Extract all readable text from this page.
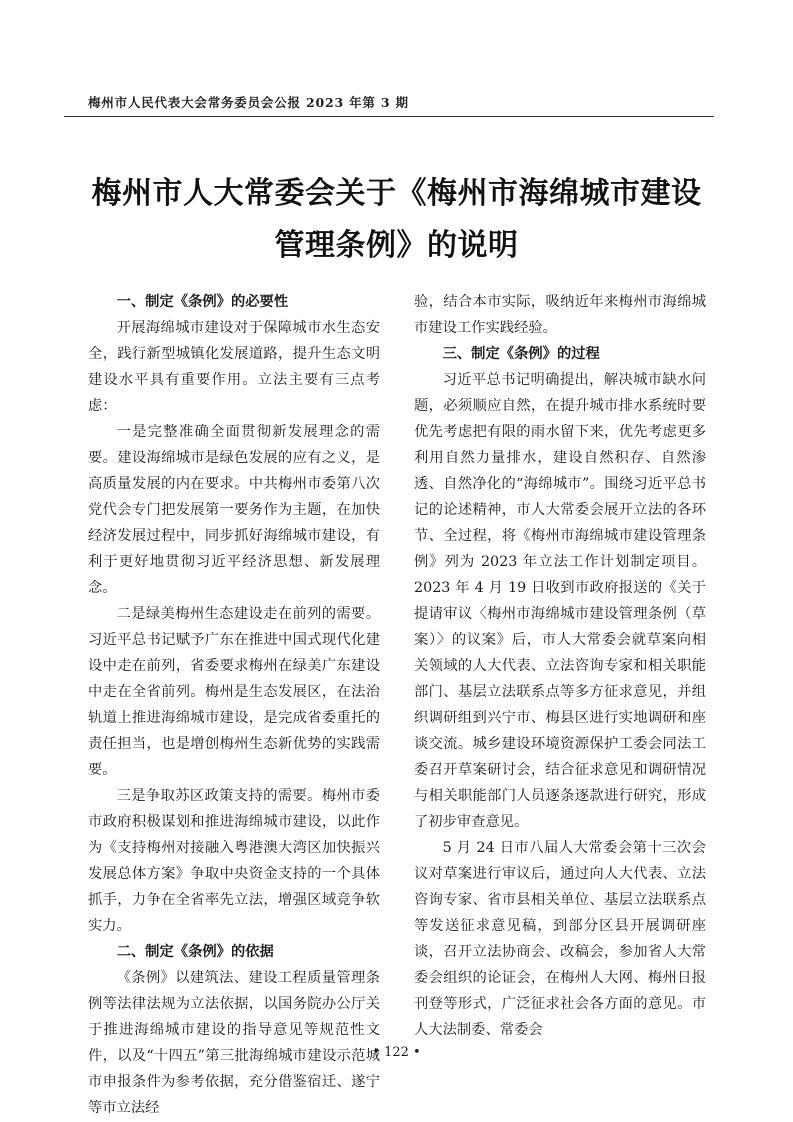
梅州市人民代表大会常务委员会公报 2023 年第 3 期
梅州市人大常委会关于《梅州市海绵城市建设
管理条例》的说明
一、制定《条例》的必要性

开展海绵城市建设对于保障城市水生态安全，践行新型城镇化发展道路，提升生态文明建设水平具有重要作用。立法主要有三点考虑：

一是完整准确全面贯彻新发展理念的需要。建设海绵城市是绿色发展的应有之义，是高质量发展的内在要求。中共梅州市委第八次党代会专门把发展第一要务作为主题，在加快经济发展过程中，同步抓好海绵城市建设，有利于更好地贯彻习近平经济思想、新发展理念。

二是绿美梅州生态建设走在前列的需要。习近平总书记赋予广东在推进中国式现代化建设中走在前列，省委要求梅州在绿美广东建设中走在全省前列。梅州是生态发展区，在法治轨道上推进海绵城市建设，是完成省委重托的责任担当，也是增创梅州生态新优势的实践需要。

三是争取苏区政策支持的需要。梅州市委市政府积极谋划和推进海绵城市建设，以此作为《支持梅州对接融入粤港澳大湾区加快振兴发展总体方案》争取中央资金支持的一个具体抓手，力争在全省率先立法，增强区域竞争软实力。

二、制定《条例》的依据

《条例》以建筑法、建设工程质量管理条例等法律法规为立法依据，以国务院办公厅关于推进海绵城市建设的指导意见等规范性文件，以及“十四五”第三批海绵城市建设示范城市申报条件为参考依据，充分借鉴宿迁、遂宁等市立法经

验，结合本市实际，吸纳近年来梅州市海绵城市建设工作实践经验。

三、制定《条例》的过程

习近平总书记明确提出，解决城市缺水问题，必须顺应自然，在提升城市排水系统时要优先考虑把有限的雨水留下来，优先考虑更多利用自然力量排水，建设自然积存、自然渗透、自然净化的“海绵城市”。围绕习近平总书记的论述精神，市人大常委会展开立法的各环节、全过程，将《梅州市海绵城市建设管理条例》列为 2023 年立法工作计划制定项目。2023 年 4 月 19 日收到市政府报送的《关于提请审议〈梅州市海绵城市建设管理条例（草案）〉的议案》后，市人大常委会就草案向相关领域的人大代表、立法咨询专家和相关职能部门、基层立法联系点等多方征求意见，并组织调研组到兴宁市、梅县区进行实地调研和座谈交流。城乡建设环境资源保护工委会同法工委召开草案研讨会，结合征求意见和调研情况与相关职能部门人员逐条逐款进行研究，形成了初步审查意见。

5 月 24 日市八届人大常委会第十三次会议对草案进行审议后，通过向人大代表、立法咨询专家、省市县相关单位、基层立法联系点等发送征求意见稿，到部分区县开展调研座谈，召开立法协商会、改稿会，参加省人大常委会组织的论证会，在梅州人大网、梅州日报刊登等形式，广泛征求社会各方面的意见。市人大法制委、常委会

• 122 •
